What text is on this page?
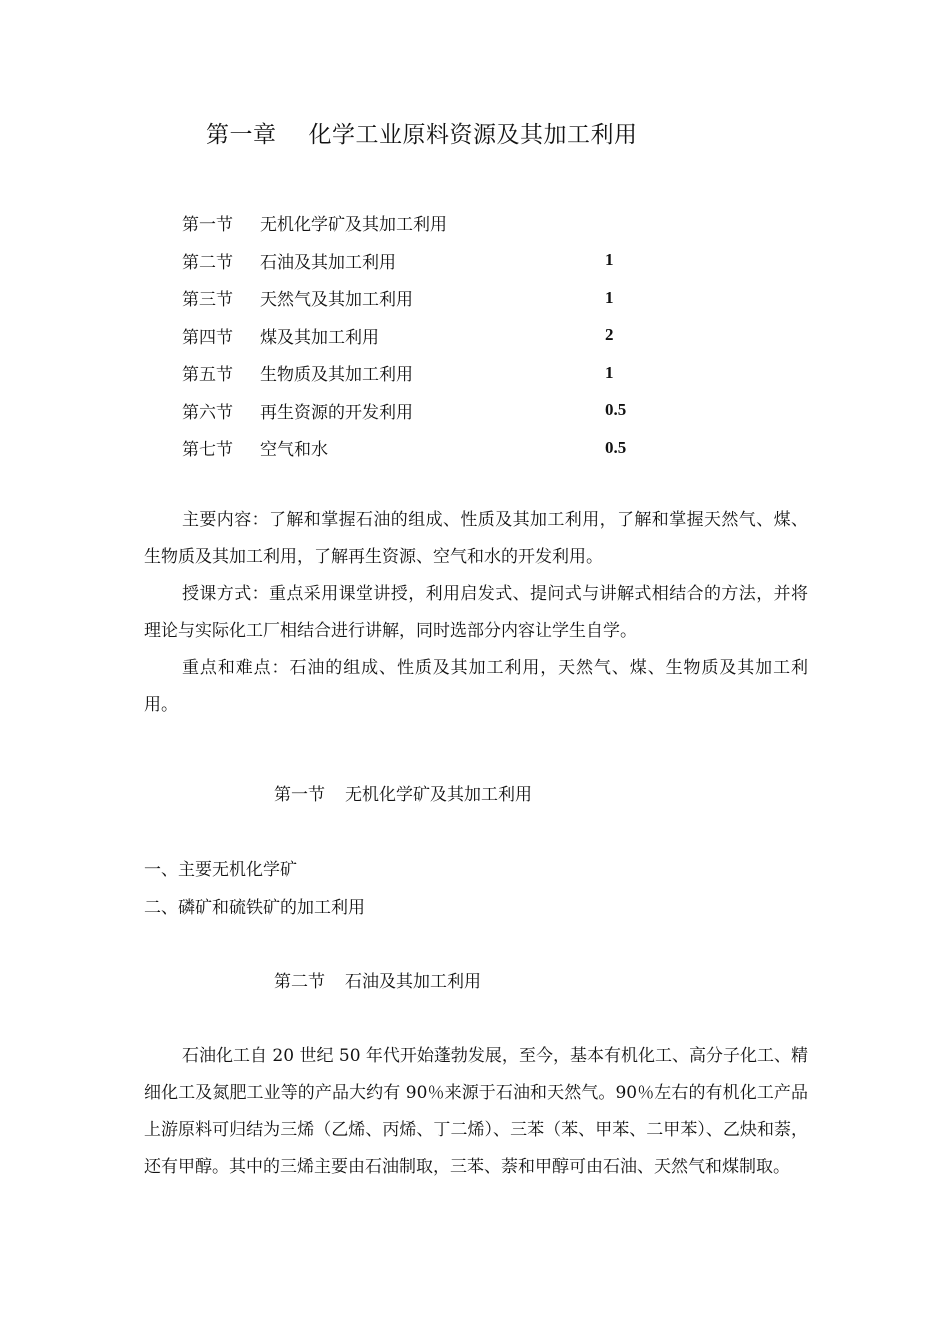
第一章 化学工业原料资源及其加工利用
第一节	无机化学矿及其加工利用
第二节	石油及其加工利用	1
第三节	天然气及其加工利用	1
第四节	煤及其加工利用	2
第五节	生物质及其加工利用	1
第六节	再生资源的开发利用	0.5
第七节	空气和水	0.5

主要内容：了解和掌握石油的组成、性质及其加工利用，了解和掌握天然气、煤、生物质及其加工利用，了解再生资源、空气和水的开发利用。

授课方式：重点采用课堂讲授，利用启发式、提问式与讲解式相结合的方法，并将理论与实际化工厂相结合进行讲解，同时选部分内容让学生自学。

重点和难点：石油的组成、性质及其加工利用，天然气、煤、生物质及其加工利用。

第一节 无机化学矿及其加工利用
一、主要无机化学矿
二、磷矿和硫铁矿的加工利用
第二节 石油及其加工利用

石油化工自 20 世纪 50 年代开始蓬勃发展，至今，基本有机化工、高分子化工、精细化工及氮肥工业等的产品大约有 90％来源于石油和天然气。90％左右的有机化工产品上游原料可归结为三烯（乙烯、丙烯、丁二烯）、三苯（苯、甲苯、二甲苯）、乙炔和萘，还有甲醇。其中的三烯主要由石油制取，三苯、萘和甲醇可由石油、天然气和煤制取。
